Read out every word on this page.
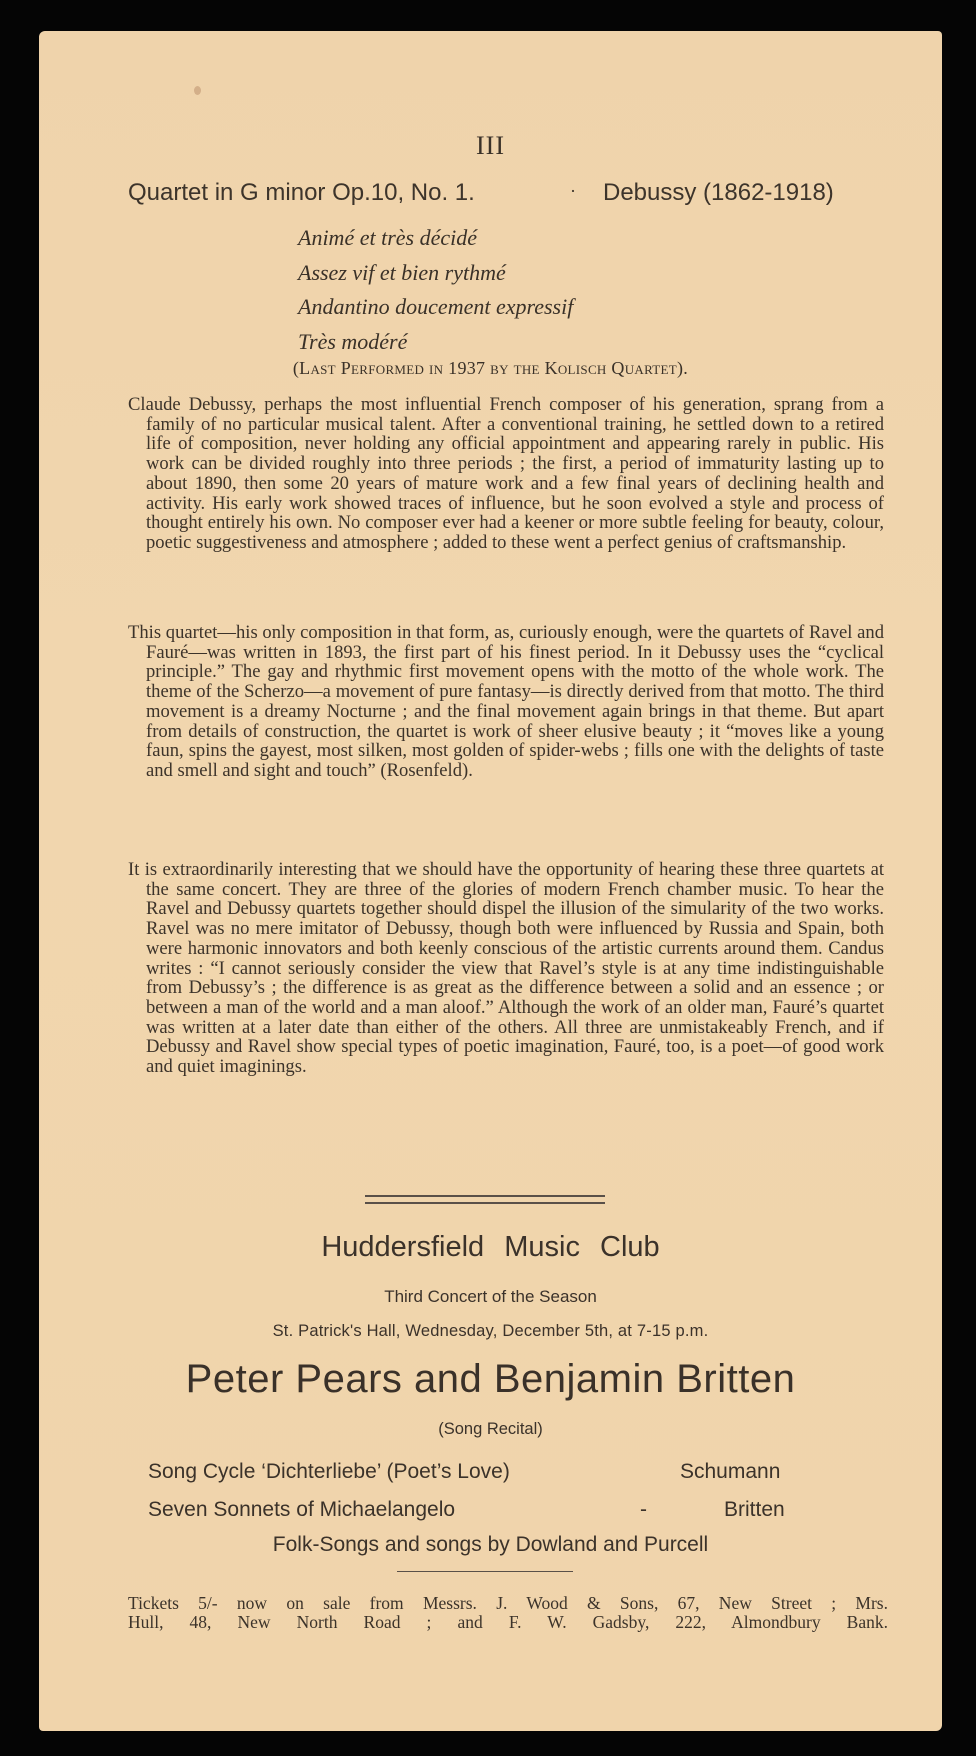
III
Quartet in G minor Op.10, No. 1.	· Debussy (1862-1918)
Animé et très décidé
Assez vif et bien rythmé
Andantino doucement expressif
Très modéré
(Last Performed in 1937 by the Kolisch Quartet).

Claude Debussy, perhaps the most influential French composer of his generation, sprang from a family of no particular musical talent. After a conventional training, he settled down to a retired life of composition, never holding any official appointment and appearing rarely in public. His work can be divided roughly into three periods ; the first, a period of immaturity lasting up to about 1890, then some 20 years of mature work and a few final years of declining health and activity. His early work showed traces of influence, but he soon evolved a style and process of thought entirely his own. No composer ever had a keener or more subtle feeling for beauty, colour, poetic suggestiveness and atmosphere ; added to these went a perfect genius of craftsmanship.

This quartet—his only composition in that form, as, curiously enough, were the quartets of Ravel and Fauré—was written in 1893, the first part of his finest period. In it Debussy uses the “cyclical principle.” The gay and rhythmic first movement opens with the motto of the whole work. The theme of the Scherzo—a movement of pure fantasy—is directly derived from that motto. The third movement is a dreamy Nocturne ; and the final movement again brings in that theme. But apart from details of construction, the quartet is work of sheer elusive beauty ; it “moves like a young faun, spins the gayest, most silken, most golden of spider-webs ; fills one with the delights of taste and smell and sight and touch” (Rosenfeld).

It is extraordinarily interesting that we should have the opportunity of hearing these three quartets at the same concert. They are three of the glories of modern French chamber music. To hear the Ravel and Debussy quartets together should dispel the illusion of the simularity of the two works. Ravel was no mere imitator of Debussy, though both were influenced by Russia and Spain, both were harmonic innovators and both keenly conscious of the artistic currents around them. Candus writes : “I cannot seriously consider the view that Ravel’s style is at any time indistinguishable from Debussy’s ; the difference is as great as the difference between a solid and an essence ; or between a man of the world and a man aloof.” Although the work of an older man, Fauré’s quartet was written at a later date than either of the others. All three are unmistakeably French, and if Debussy and Ravel show special types of poetic imagination, Fauré, too, is a poet—of good work and quiet imaginings.

Huddersfield Music Club
Third Concert of the Season
St. Patrick's Hall, Wednesday, December 5th, at 7-15 p.m.
Peter Pears and Benjamin Britten
(Song Recital)
Song Cycle ‘Dichterliebe’ (Poet’s Love)	Schumann
Seven Sonnets of Michaelangelo	-	Britten
Folk-Songs and songs by Dowland and Purcell
Tickets 5/- now on sale from Messrs. J. Wood & Sons, 67, New Street ; Mrs.
Hull, 48, New North Road ; and F. W. Gadsby, 222, Almondbury Bank.
